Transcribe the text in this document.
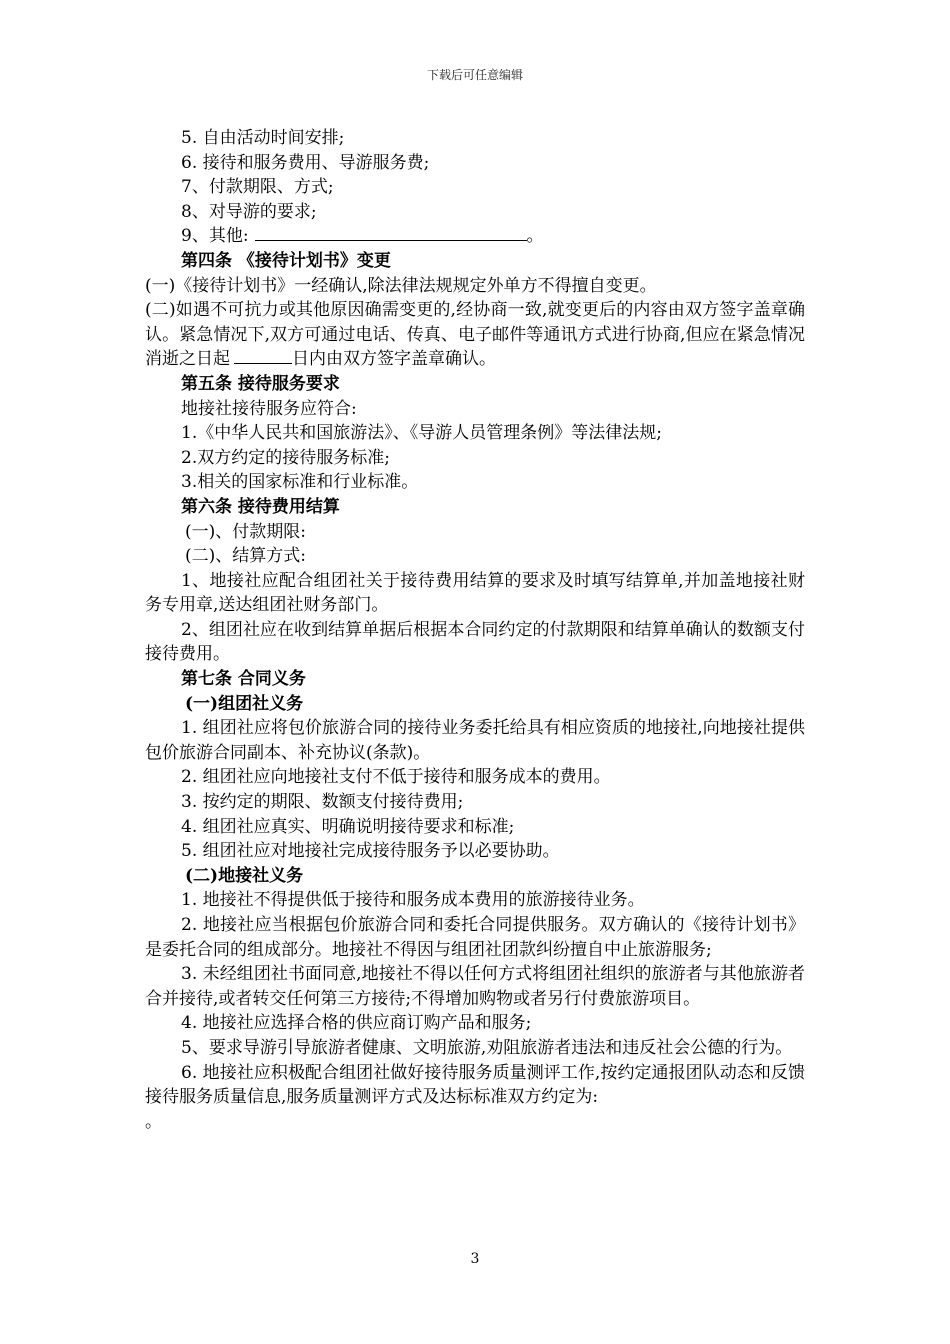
下载后可任意编辑
5. 自由活动时间安排;
6. 接待和服务费用、导游服务费;
7、付款期限、方式;
8、对导游的要求;
9、其他:	。
第四条 《接待计划书》变更
(一)《接待计划书》一经确认,除法律法规规定外单方不得擅自变更。
(二)如遇不可抗力或其他原因确需变更的,经协商一致,就变更后的内容由双方签字盖章确认。紧急情况下,双方可通过电话、传真、电子邮件等通讯方式进行协商,但应在紧急情况消逝之日起	日内由双方签字盖章确认。
第五条 接待服务要求
地接社接待服务应符合:
1.《中华人民共和国旅游法》、《导游人员管理条例》等法律法规;
2.双方约定的接待服务标准;
3.相关的国家标准和行业标准。
第六条 接待费用结算
(一)、付款期限:
(二)、结算方式:
1、地接社应配合组团社关于接待费用结算的要求及时填写结算单,并加盖地接社财务专用章,送达组团社财务部门。
2、组团社应在收到结算单据后根据本合同约定的付款期限和结算单确认的数额支付接待费用。
第七条 合同义务
(一)组团社义务
1. 组团社应将包价旅游合同的接待业务委托给具有相应资质的地接社,向地接社提供包价旅游合同副本、补充协议(条款)。
2. 组团社应向地接社支付不低于接待和服务成本的费用。
3. 按约定的期限、数额支付接待费用;
4. 组团社应真实、明确说明接待要求和标准;
5. 组团社应对地接社完成接待服务予以必要协助。
(二)地接社义务
1. 地接社不得提供低于接待和服务成本费用的旅游接待业务。
2. 地接社应当根据包价旅游合同和委托合同提供服务。双方确认的《接待计划书》是委托合同的组成部分。地接社不得因与组团社团款纠纷擅自中止旅游服务;
3. 未经组团社书面同意,地接社不得以任何方式将组团社组织的旅游者与其他旅游者合并接待,或者转交任何第三方接待;不得增加购物或者另行付费旅游项目。
4. 地接社应选择合格的供应商订购产品和服务;
5、要求导游引导旅游者健康、文明旅游,劝阻旅游者违法和违反社会公德的行为。
6. 地接社应积极配合组团社做好接待服务质量测评工作,按约定通报团队动态和反馈接待服务质量信息,服务质量测评方式及达标标准双方约定为:
。
3
